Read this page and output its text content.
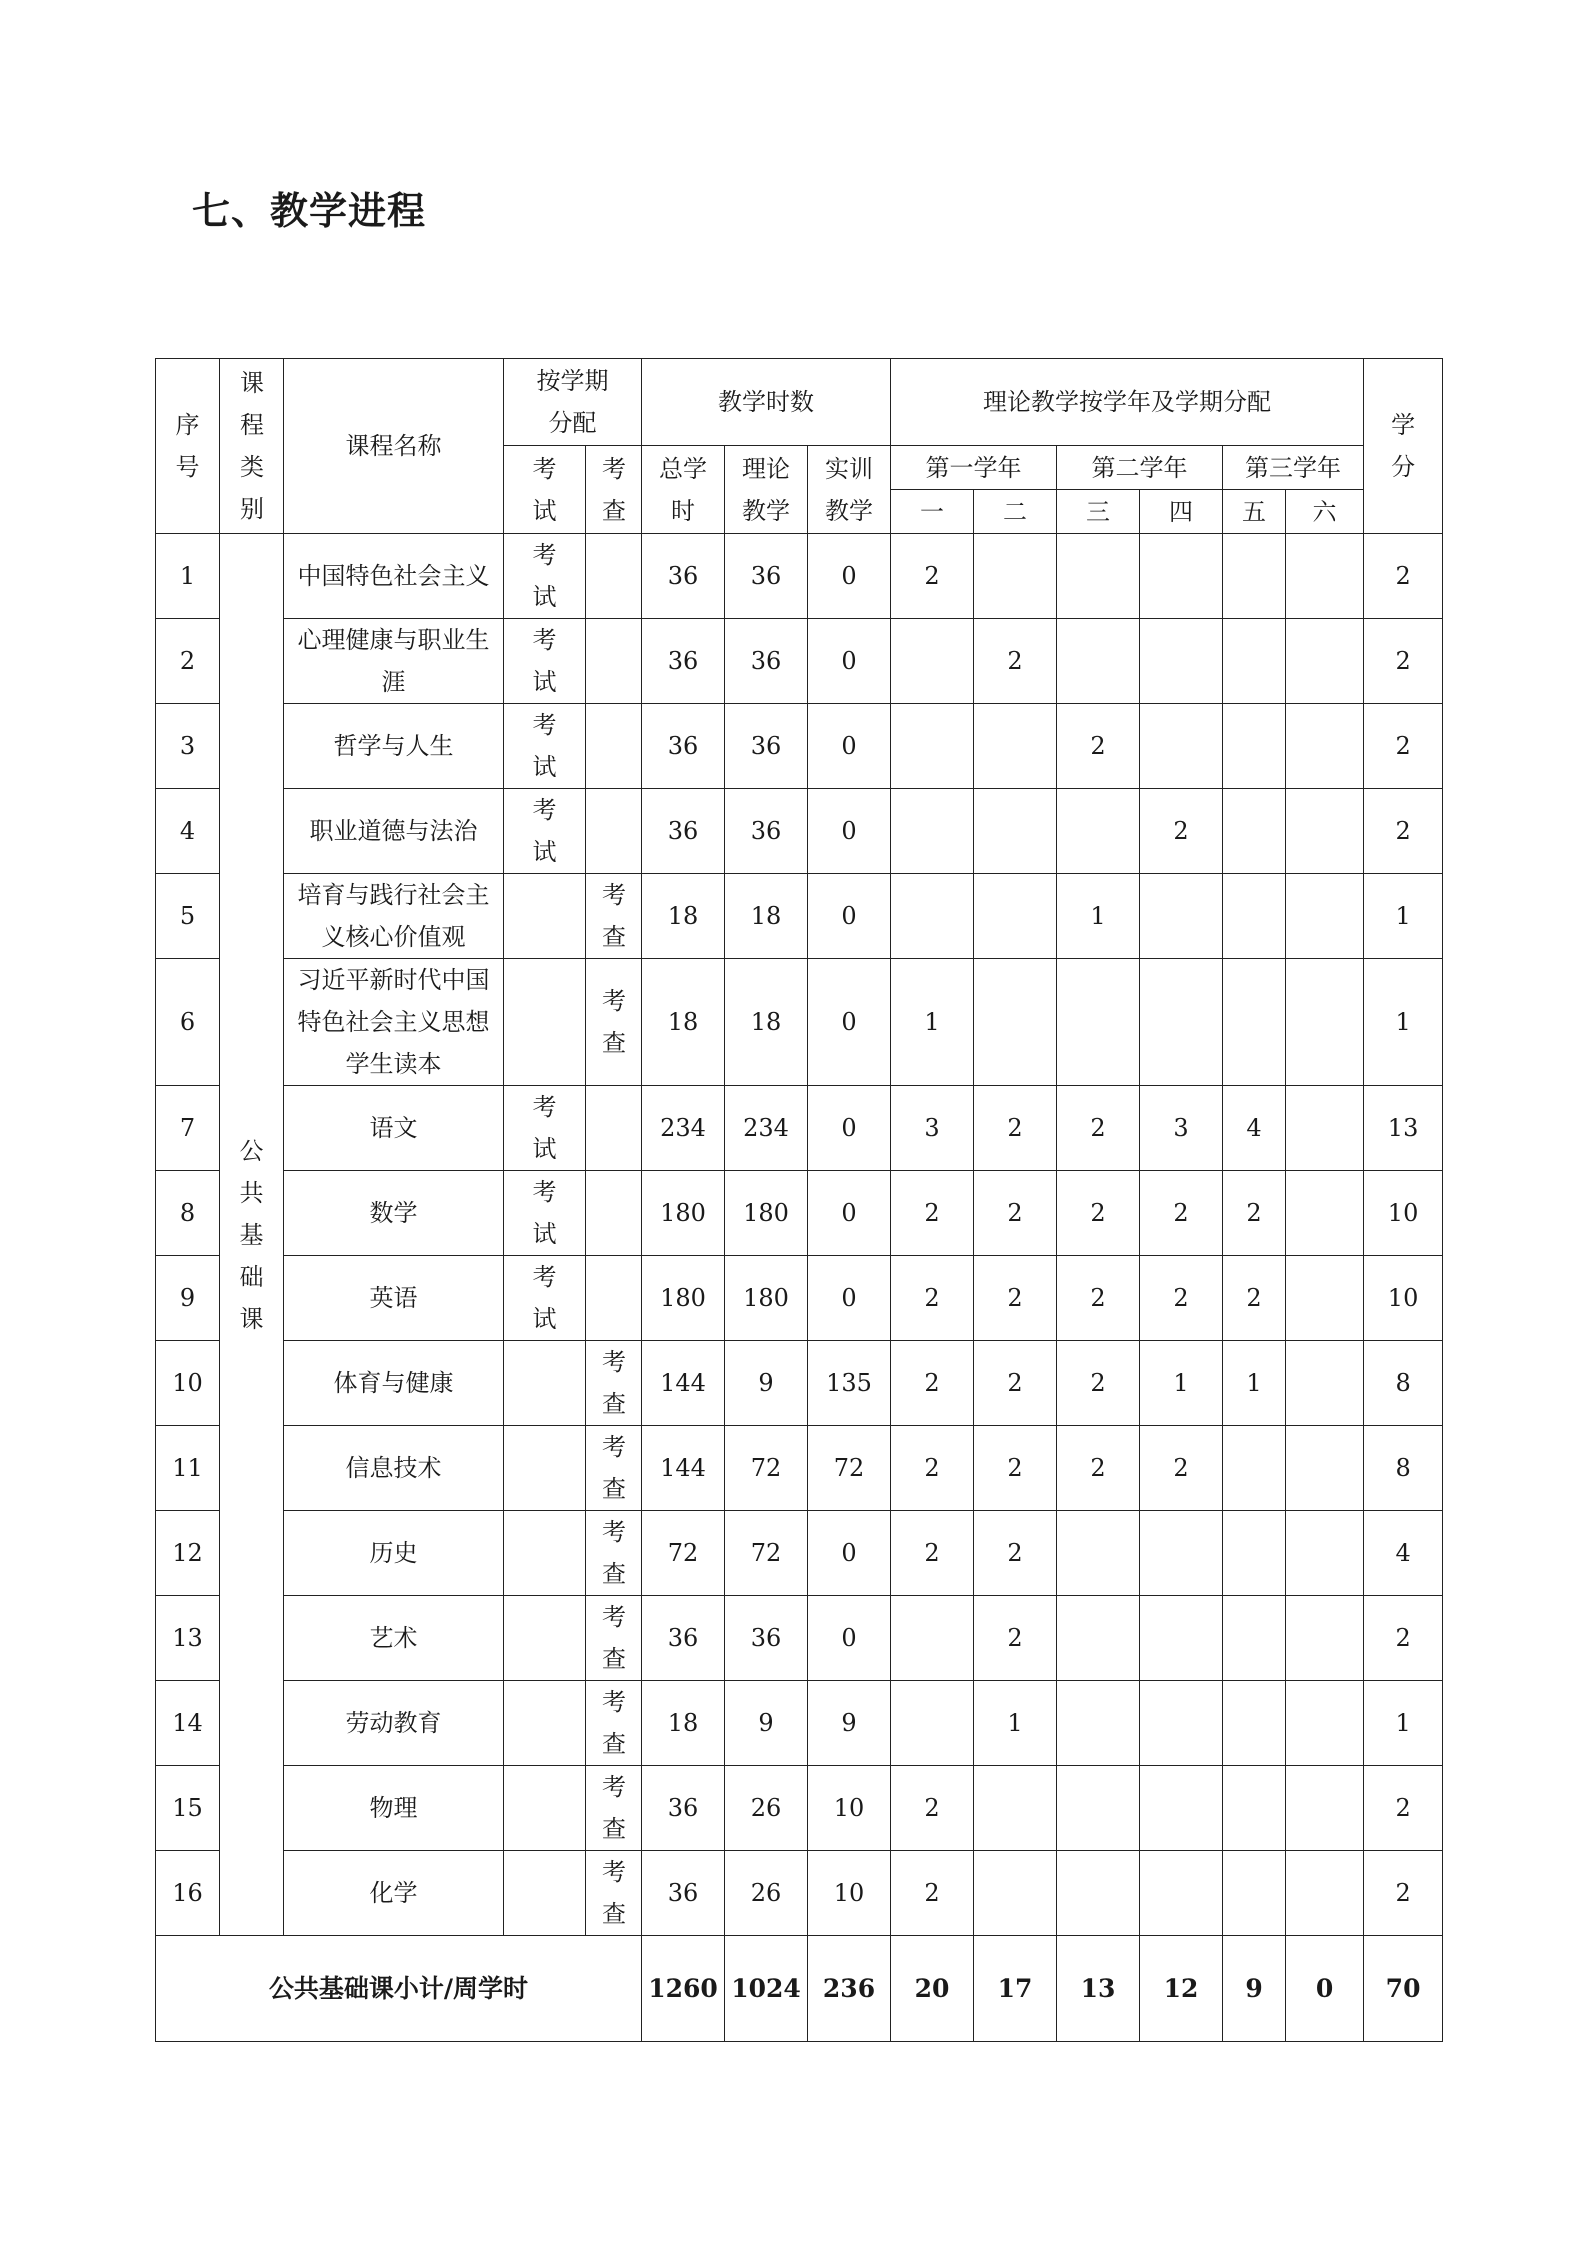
七、教学进程
序号	课程类别	课程名称	按学期分配		教学时数			理论教学按学年及学期分配						学分
			考试	考查	总学时	理论教学	实训教学	第一学年		第二学年		第三学年		
								一	二	三	四	五	六	
1	公共基础课	中国特色社会主义	考试		36	36	0	2						2
2		心理健康与职业生涯	考试		36	36	0		2					2
3		哲学与人生	考试		36	36	0			2				2
4		职业道德与法治	考试		36	36	0				2			2
5		培育与践行社会主义核心价值观		考查	18	18	0			1				1
6		习近平新时代中国特色社会主义思想学生读本		考查	18	18	0	1						1
7		语文	考试		234	234	0	3	2	2	3	4		13
8		数学	考试		180	180	0	2	2	2	2	2		10
9		英语	考试		180	180	0	2	2	2	2	2		10
10		体育与健康		考查	144	9	135	2	2	2	1	1		8
11		信息技术		考查	144	72	72	2	2	2	2			8
12		历史		考查	72	72	0	2	2					4
13		艺术		考查	36	36	0		2					2
14		劳动教育		考查	18	9	9		1					1
15		物理		考查	36	26	10	2						2
16		化学		考查	36	26	10	2						2
公共基础课小计/周学时					1260	1024	236	20	17	13	12	9	0	70
